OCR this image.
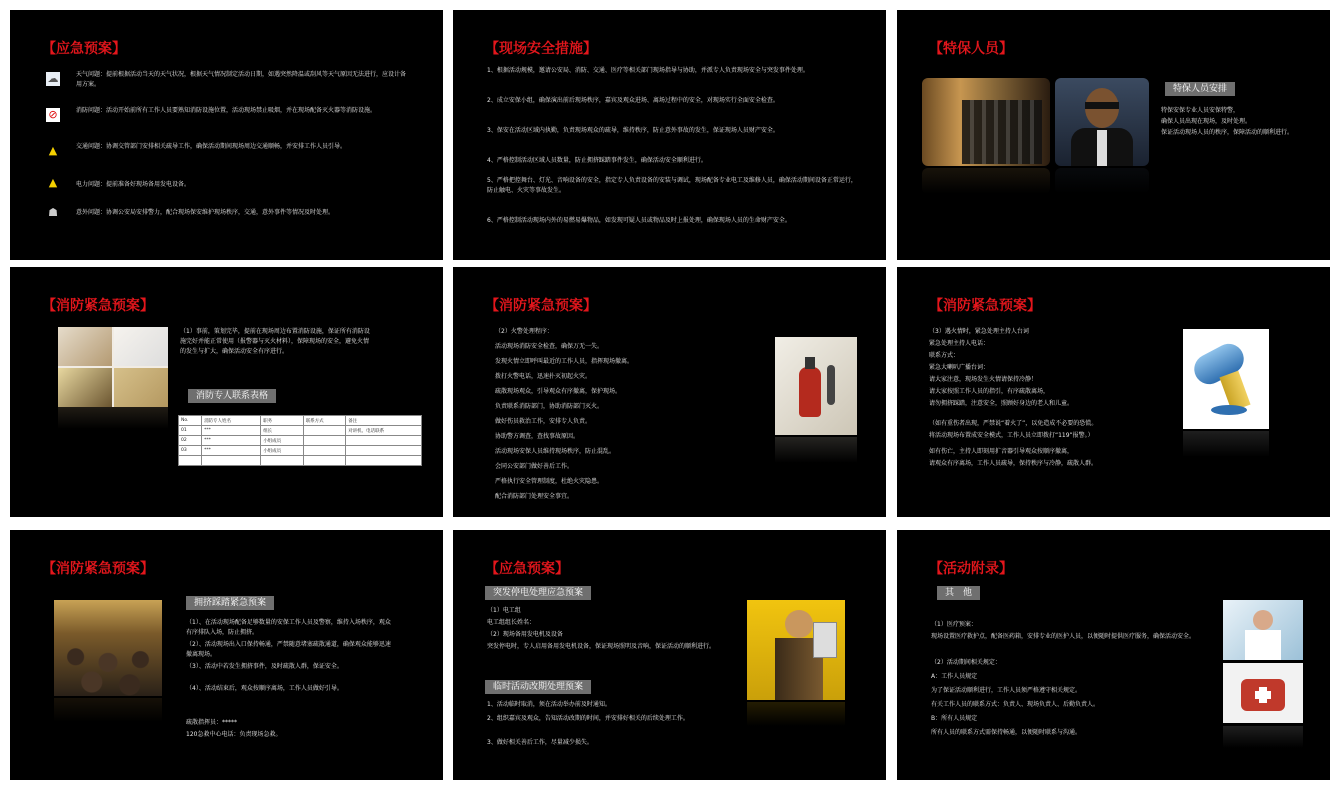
【应急预案】
☁	天气问题：提前根据活动当天的天气状况，根据天气情况制定活动日期，如遇突然降温或刮风等天气原因无法进行，应设计备用方案。
⊘	消防问题：活动开始前所有工作人员要熟知消防设施位置，活动现场禁止吸烟，并在现场配备灭火器等消防设施。
▲	交通问题：协调交管部门安排相关疏导工作，确保活动期间现场周边交通顺畅，并安排工作人员引导。
▲	电力问题：提前准备好现场备用发电设备。
☗	意外问题：协调公安局安排警力，配合现场保安维护现场秩序，交通，意外事件等情况及时处理。
【现场安全措施】
1、根据活动规模，邀请公安局、消防、交通、医疗等相关部门现场指导与协助，并派专人负责现场安全与突发事件处理。
2、成立安保小组，确保演出前后现场秩序，嘉宾及观众进场、离场过程中的安全，对现场实行全面安全检查。
3、保安在活动区域内执勤，负责现场观众的疏导，维持秩序，防止意外事故的发生，保证现场人员财产安全。
4、严格控制活动区域人员数量，防止拥挤踩踏事件发生，确保活动安全顺利进行。
5、严格把控舞台、灯光、音响设备的安全，指定专人负责设备的安装与调试，现场配备专业电工及维修人员，确保活动期间设备正常运行，防止触电、火灾等事故发生。
6、严格控制活动现场内外的易燃易爆物品，如发现可疑人员或物品及时上报处理，确保现场人员的生命财产安全。
【特保人员】
特保人员安排
特保安保专业人员安保特警，
确保人员出现在现场，及时处理。
保证活动现场人员的秩序，保障活动的顺利进行。
【消防紧急预案】
（1）事前，策划完毕，提前在现场周边布置消防设施，保证所有消防设施完好并能正常使用（报警器与灭火材料），保障现场的安全，避免火情的发生与扩大，确保活动安全有序进行。
消防专人联系表格
No.	消防专人姓名	职务	联系方式	备注
01	***	组长		对讲机、电话联系
02	***	小组成员		
03	***	小组成员		

【消防紧急预案】
（2）火警处理程序：
活动现场消防安全检查，确保万无一失。
发现火情立即呼叫最近的工作人员，指挥现场撤离。
拨打火警电话，迅速扑灭初起火灾。
疏散现场观众，引导观众有序撤离，保护现场。
负责联系消防部门，协助消防部门灭火。
做好伤员救治工作，安排专人负责。
协助警方调查，查找事故原因。
活动现场安保人员维持现场秩序，防止混乱。
会同公安部门做好善后工作。
严格执行安全管理制度，杜绝火灾隐患。
配合消防部门处理安全事宜。
【消防紧急预案】
（3）遇火情时，紧急处理主持人台词
紧急处理主持人电话：
联系方式：
紧急大喇叭广播台词：
请大家注意，现场发生火情请保持冷静！
请大家按照工作人员的指引，有序疏散离场，
请勿拥挤踩踏，注意安全，照顾好身边的老人和儿童。
（如有重伤者出现，严禁说“着火了”，以免造成不必要的恐慌。
将活动现场布置成安全模式，工作人员立即拨打“119”报警。）
如有伤亡，主持人即刻用扩音器引导观众按顺序撤离，
请观众有序离场，工作人员疏导，保持秩序与冷静，疏散人群。
【消防紧急预案】
拥挤踩踏紧急预案
（1）、在活动现场配备足够数量的安保工作人员及警察，维持入场秩序，观众有序排队入场，防止拥挤。
（2）、活动现场出入口保持畅通，严禁随意堵塞疏散通道，确保观众能够迅速撤离现场。
（3）、活动中若发生拥挤事件，及时疏散人群，保证安全。
（4）、活动结束后，观众按顺序离场，工作人员做好引导。
疏散指挥员：*****
120急救中心电话：负责现场急救。
【应急预案】
突发停电处理应急预案
（1）电工组
电工组组长姓名：
（2）现场备用发电机及设备
突发停电时，专人启用备用发电机设备，保证现场照明及音响，保证活动的顺利进行。
临时活动改期处理预案
1、活动临时取消，须在活动举办前及时通知。
2、组织嘉宾及观众，告知活动改期的时间，并安排好相关的后续处理工作。
3、做好相关善后工作，尽量减少损失。
【活动附录】
其　他
（1）医疗预案：
现场设置医疗救护点，配备医药箱，安排专业的医护人员，以便随时提供医疗服务，确保活动安全。
（2）活动期间相关规定：
A：工作人员规定
为了保证活动顺利进行，工作人员须严格遵守相关规定。
有关工作人员的联系方式：负责人、现场负责人、后勤负责人。
B：所有人员规定
所有人员的联系方式需保持畅通，以便随时联系与沟通。
